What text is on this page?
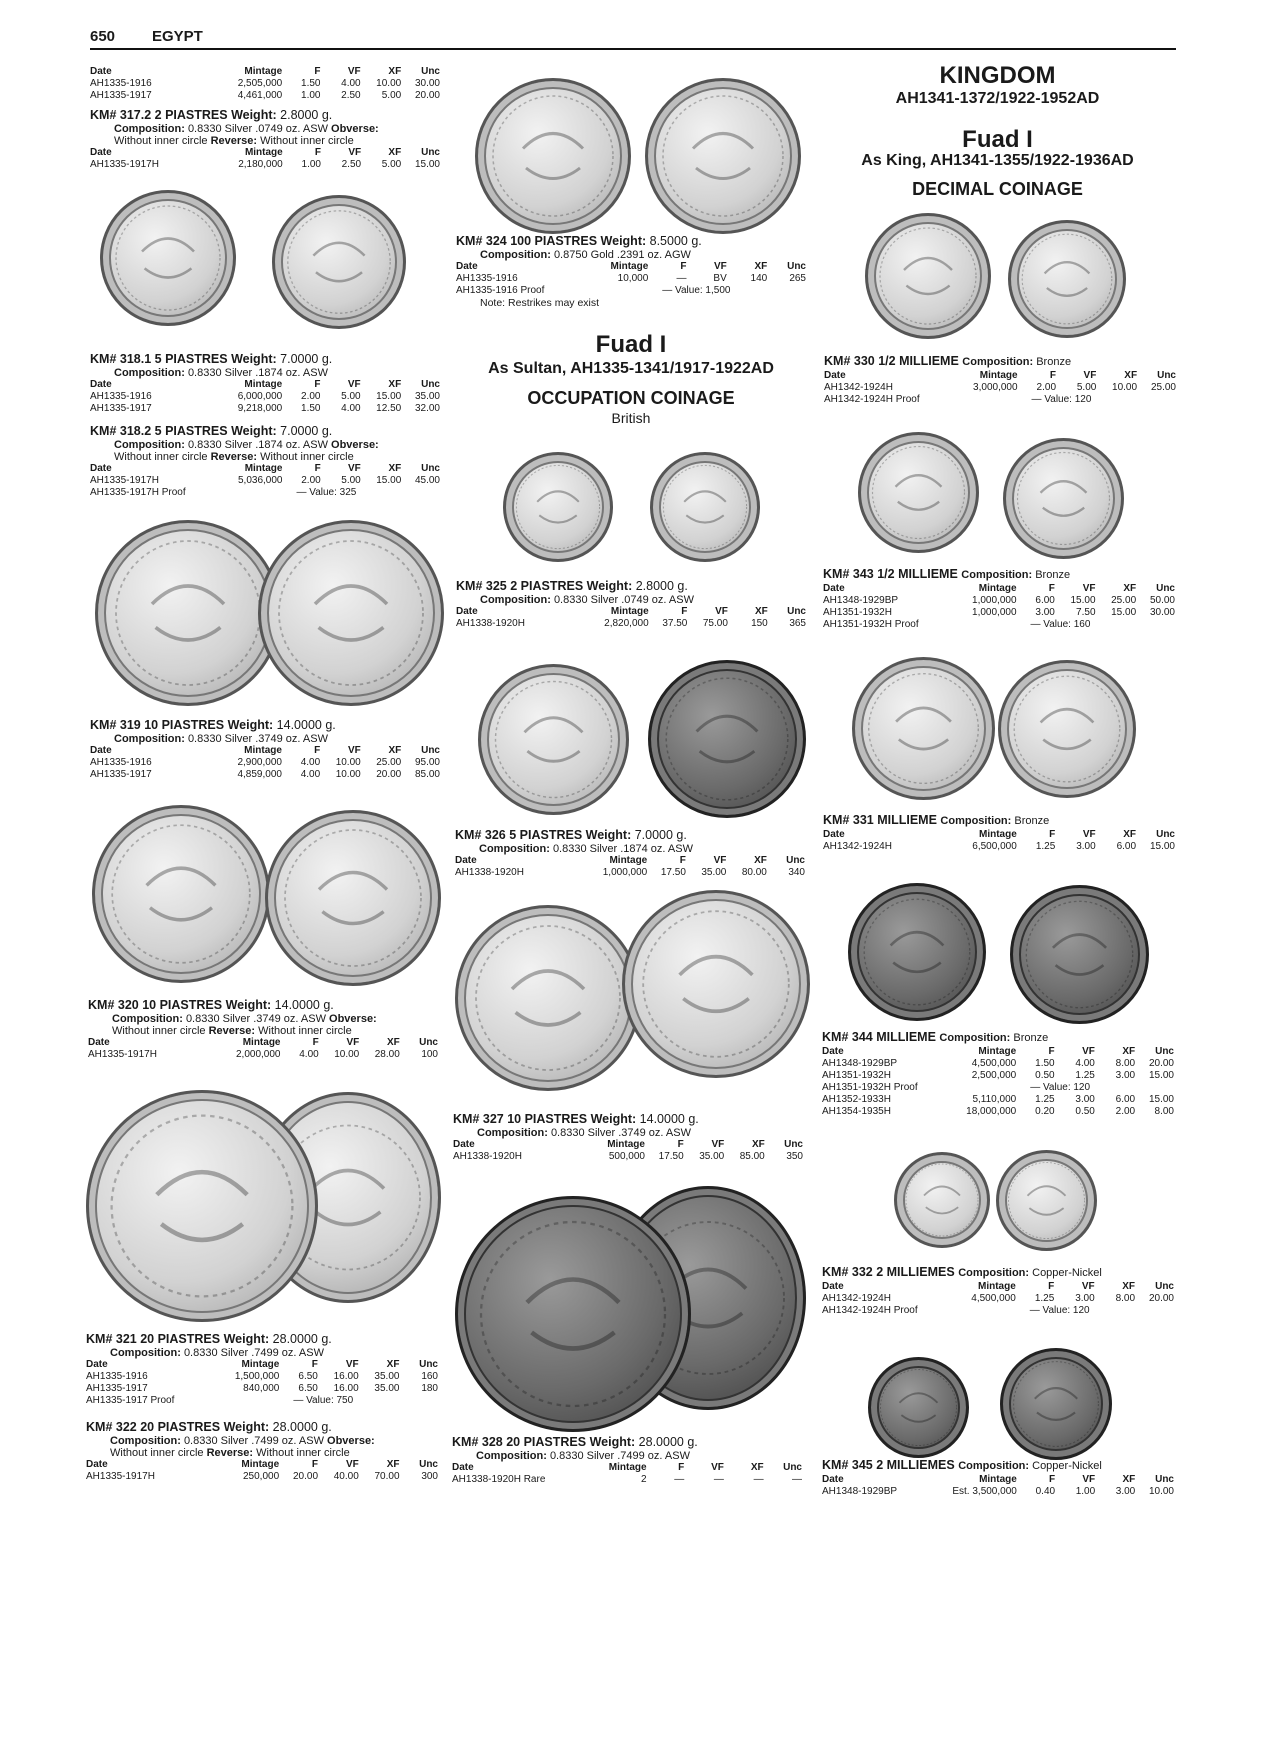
650 EGYPT
Date	Mintage	F	VF	XF	Unc
AH1335-1916	2,505,000	1.50	4.00	10.00	30.00
AH1335-1917	4,461,000	1.00	2.50	5.00	20.00
KM# 317.2 2 PIASTRES Weight: 2.8000 g.
Composition: 0.8330 Silver .0749 oz. ASW Obverse:
Without inner circle Reverse: Without inner circle
Date	Mintage	F	VF	XF	Unc
AH1335-1917H	2,180,000	1.00	2.50	5.00	15.00
KM# 318.1 5 PIASTRES Weight: 7.0000 g.
Composition: 0.8330 Silver .1874 oz. ASW
Date	Mintage	F	VF	XF	Unc
AH1335-1916	6,000,000	2.00	5.00	15.00	35.00
AH1335-1917	9,218,000	1.50	4.00	12.50	32.00
KM# 318.2 5 PIASTRES Weight: 7.0000 g.
Composition: 0.8330 Silver .1874 oz. ASW Obverse:
Without inner circle Reverse: Without inner circle
Date	Mintage	F	VF	XF	Unc
AH1335-1917H	5,036,000	2.00	5.00	15.00	45.00
AH1335-1917H Proof		— Value: 325			
KM# 319 10 PIASTRES Weight: 14.0000 g.
Composition: 0.8330 Silver .3749 oz. ASW
Date	Mintage	F	VF	XF	Unc
AH1335-1916	2,900,000	4.00	10.00	25.00	95.00
AH1335-1917	4,859,000	4.00	10.00	20.00	85.00
KM# 320 10 PIASTRES Weight: 14.0000 g.
Composition: 0.8330 Silver .3749 oz. ASW Obverse:
Without inner circle Reverse: Without inner circle
Date	Mintage	F	VF	XF	Unc
AH1335-1917H	2,000,000	4.00	10.00	28.00	100
KM# 321 20 PIASTRES Weight: 28.0000 g.
Composition: 0.8330 Silver .7499 oz. ASW
Date	Mintage	F	VF	XF	Unc
AH1335-1916	1,500,000	6.50	16.00	35.00	160
AH1335-1917	840,000	6.50	16.00	35.00	180
AH1335-1917 Proof		— Value: 750			
KM# 322 20 PIASTRES Weight: 28.0000 g.
Composition: 0.8330 Silver .7499 oz. ASW Obverse:
Without inner circle Reverse: Without inner circle
Date	Mintage	F	VF	XF	Unc
AH1335-1917H	250,000	20.00	40.00	70.00	300
KM# 324 100 PIASTRES Weight: 8.5000 g.
Composition: 0.8750 Gold .2391 oz. AGW
Date	Mintage	F	VF	XF	Unc
AH1335-1916	10,000	—	BV	140	265
AH1335-1916 Proof		— Value: 1,500			
Note: Restrikes may exist
Fuad I
As Sultan, AH1335-1341/1917-1922AD
OCCUPATION COINAGE
British
KM# 325 2 PIASTRES Weight: 2.8000 g.
Composition: 0.8330 Silver .0749 oz. ASW
Date	Mintage	F	VF	XF	Unc
AH1338-1920H	2,820,000	37.50	75.00	150	365
KM# 326 5 PIASTRES Weight: 7.0000 g.
Composition: 0.8330 Silver .1874 oz. ASW
Date	Mintage	F	VF	XF	Unc
AH1338-1920H	1,000,000	17.50	35.00	80.00	340
KM# 327 10 PIASTRES Weight: 14.0000 g.
Composition: 0.8330 Silver .3749 oz. ASW
Date	Mintage	F	VF	XF	Unc
AH1338-1920H	500,000	17.50	35.00	85.00	350
KM# 328 20 PIASTRES Weight: 28.0000 g.
Composition: 0.8330 Silver .7499 oz. ASW
Date	Mintage	F	VF	XF	Unc
AH1338-1920H Rare	2	—	—	—	—
KINGDOM
AH1341-1372/1922-1952AD
Fuad I
As King, AH1341-1355/1922-1936AD
DECIMAL COINAGE
KM# 330 1/2 MILLIEME Composition: Bronze
Date	Mintage	F	VF	XF	Unc
AH1342-1924H	3,000,000	2.00	5.00	10.00	25.00
AH1342-1924H Proof		— Value: 120			
KM# 343 1/2 MILLIEME Composition: Bronze
Date	Mintage	F	VF	XF	Unc
AH1348-1929BP	1,000,000	6.00	15.00	25.00	50.00
AH1351-1932H	1,000,000	3.00	7.50	15.00	30.00
AH1351-1932H Proof		— Value: 160			
KM# 331 MILLIEME Composition: Bronze
Date	Mintage	F	VF	XF	Unc
AH1342-1924H	6,500,000	1.25	3.00	6.00	15.00
KM# 344 MILLIEME Composition: Bronze
Date	Mintage	F	VF	XF	Unc
AH1348-1929BP	4,500,000	1.50	4.00	8.00	20.00
AH1351-1932H	2,500,000	0.50	1.25	3.00	15.00
AH1351-1932H Proof		— Value: 120			
AH1352-1933H	5,110,000	1.25	3.00	6.00	15.00
AH1354-1935H	18,000,000	0.20	0.50	2.00	8.00
KM# 332 2 MILLIEMES Composition: Copper-Nickel
Date	Mintage	F	VF	XF	Unc
AH1342-1924H	4,500,000	1.25	3.00	8.00	20.00
AH1342-1924H Proof		— Value: 120			
KM# 345 2 MILLIEMES Composition: Copper-Nickel
Date	Mintage	F	VF	XF	Unc
AH1348-1929BP	Est. 3,500,000	0.40	1.00	3.00	10.00
